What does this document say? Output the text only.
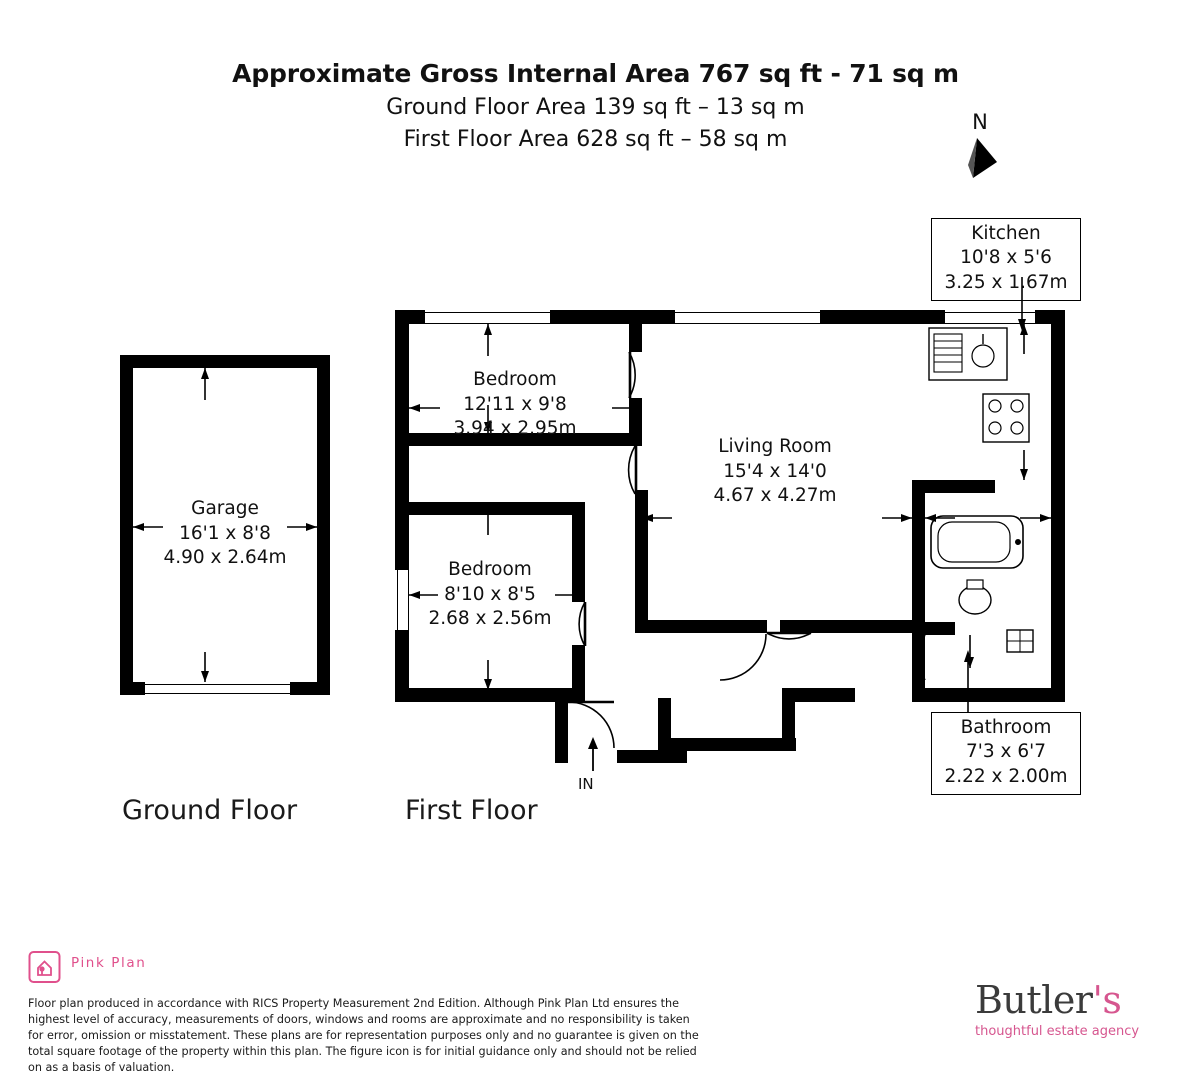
Approximate Gross Internal Area 767 sq ft - 71 sq m
Ground Floor Area 139 sq ft – 13 sq m
First Floor Area 628 sq ft – 58 sq m
N
Garage
16'1 x 8'8
4.90 x 2.64m
Ground Floor
Bedroom
12'11 x 9'8
3.94 x 2.95m
Bedroom
8'10 x 8'5
2.68 x 2.56m
Living Room
15'4 x 14'0
4.67 x 4.27m
Kitchen
10'8 x 5'6
3.25 x 1.67m
Bathroom
7'3 x 6'7
2.22 x 2.00m
IN
First Floor
Pink Plan
Floor plan produced in accordance with RICS Property Measurement 2nd Edition. Although Pink Plan Ltd ensures the highest level of accuracy, measurements of doors, windows and rooms are approximate and no responsibility is taken for error, omission or misstatement. These plans are for representation purposes only and no guarantee is given on the total square footage of the property within this plan. The figure icon is for initial guidance only and should not be relied on as a basis of valuation.
Butler's
thoughtful estate agency
